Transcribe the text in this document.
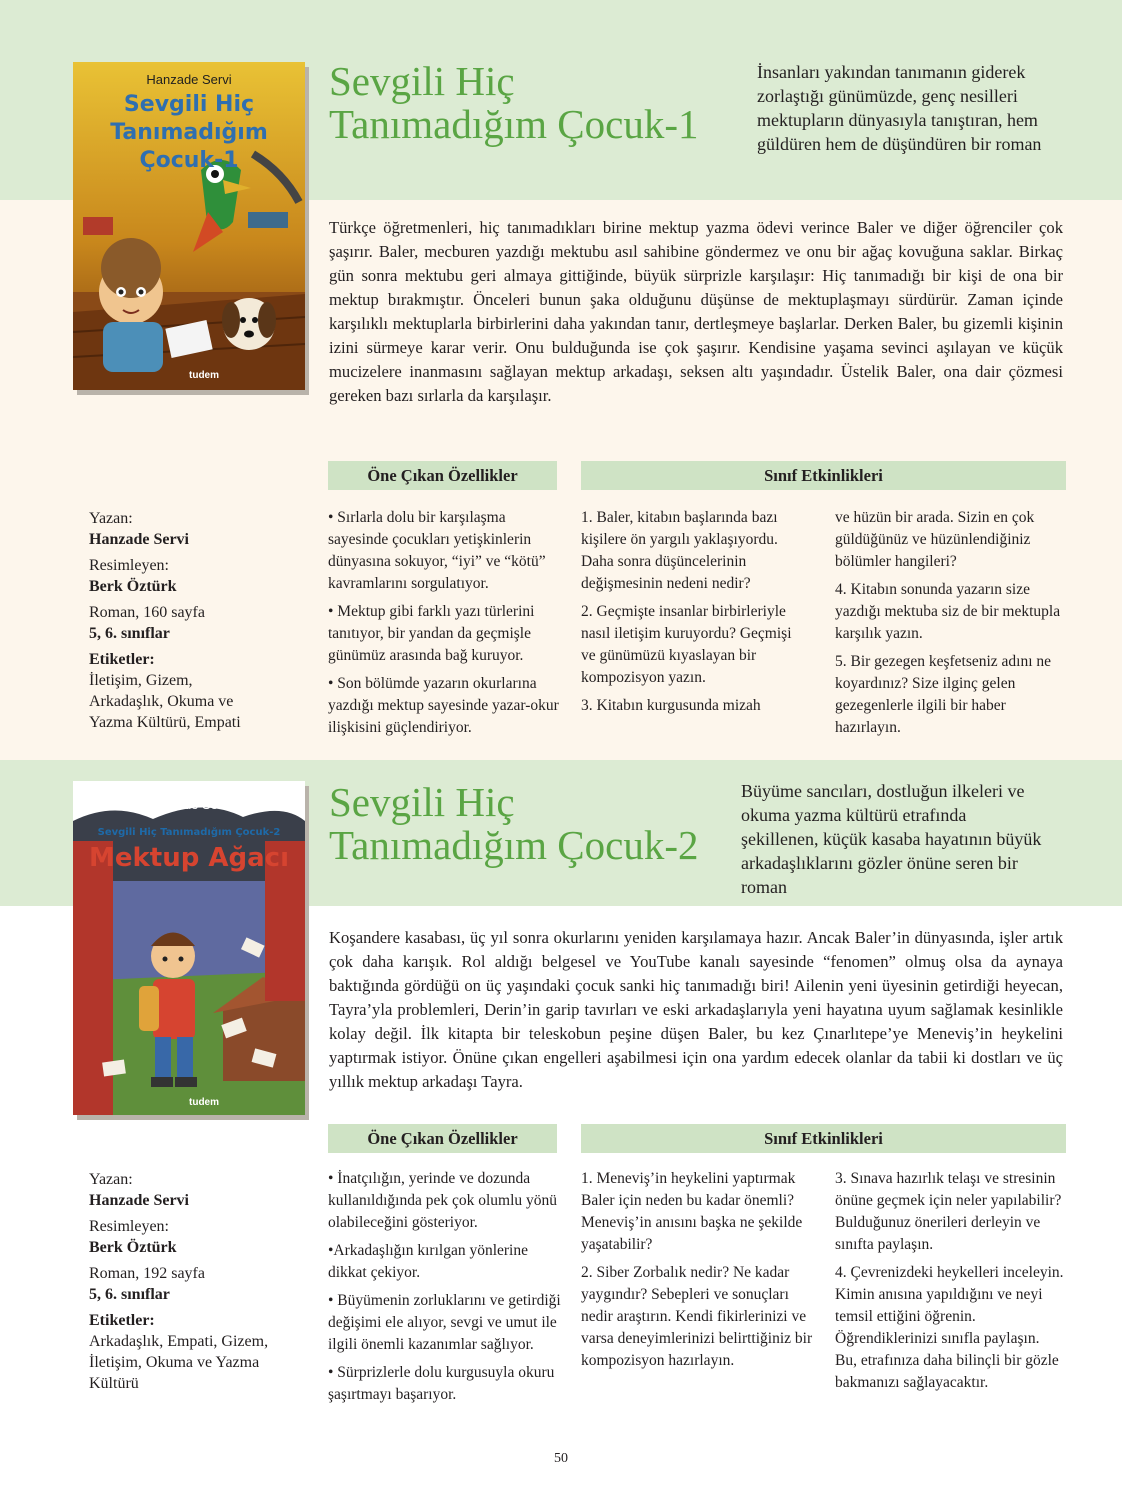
Hanzade Servi
Sevgili Hiç
Tanımadığım
Çocuk-1
tudem
Sevgili Hiç
Tanımadığım Çocuk-1
İnsanları yakından tanımanın giderek zorlaştığı günümüzde, genç nesilleri mektupların dünyasıyla tanıştıran, hem güldüren hem de düşündüren bir roman
Türkçe öğretmenleri, hiç tanımadıkları birine mektup yazma ödevi verince Baler ve diğer öğrenciler çok şaşırır. Baler, mecburen yazdığı mektubu asıl sahibine göndermez ve onu bir ağaç kovuğuna saklar. Birkaç gün sonra mektubu geri almaya gittiğinde, büyük sürprizle karşılaşır: Hiç tanımadığı bir kişi de ona bir mektup bırakmıştır. Önceleri bunun şaka olduğunu düşünse de mektuplaşmayı sürdürür. Zaman içinde karşılıklı mektuplarla birbirlerini daha yakından tanır, dertleşmeye başlarlar. Derken Baler, bu gizemli kişinin izini sürmeye karar verir. Onu bulduğunda ise çok şaşırır. Kendisine yaşama sevinci aşılayan ve küçük mucizelere inanmasını sağlayan mektup arkadaşı, seksen altı yaşındadır. Üstelik Baler, ona dair çözmesi gereken bazı sırlarla da karşılaşır.
Öne Çıkan Özellikler	Sınıf Etkinlikleri

• Sırlarla dolu bir karşılaşma sayesinde çocukları yetişkinlerin dünyasına sokuyor, “iyi” ve “kötü” kavramlarını sorgulatıyor.

• Mektup gibi farklı yazı türlerini tanıtıyor, bir yandan da geçmişle günümüz arasında bağ kuruyor.

• Son bölümde yazarın okurlarına yazdığı mektup sayesinde yazar-okur ilişkisini güçlendiriyor.

1. Baler, kitabın başlarında bazı kişilere ön yargılı yaklaşıyordu. Daha sonra düşüncelerinin değişmesinin nedeni nedir?

2. Geçmişte insanlar birbirleriyle nasıl iletişim kuruyordu? Geçmişi ve günümüzü kıyaslayan bir kompozisyon yazın.

3. Kitabın kurgusunda mizah

ve hüzün bir arada. Sizin en çok güldüğünüz ve hüzünlendiğiniz bölümler hangileri?

4. Kitabın sonunda yazarın size yazdığı mektuba siz de bir mektupla karşılık yazın.

5. Bir gezegen keşfetseniz adını ne koyardınız? Size ilginç gelen gezegenlerle ilgili bir haber hazırlayın.

Yazan:
Hanzade Servi
Resimleyen:
Berk Öztürk
Roman, 160 sayfa
5, 6. sınıflar
Etiketler:
İletişim, Gizem, Arkadaşlık, Okuma ve Yazma Kültürü, Empati
Hanzade Servi
Sevgili Hiç Tanımadığım Çocuk-2
Mektup Ağacı
tudem
Sevgili Hiç
Tanımadığım Çocuk-2
Büyüme sancıları, dostluğun ilkeleri ve okuma yazma kültürü etrafında şekillenen, küçük kasaba hayatının büyük arkadaşlıklarını gözler önüne seren bir roman
Koşandere kasabası, üç yıl sonra okurlarını yeniden karşılamaya hazır. Ancak Baler’in dünyasında, işler artık çok daha karışık. Rol aldığı belgesel ve YouTube kanalı sayesinde “fenomen” olmuş olsa da aynaya baktığında gördüğü on üç yaşındaki çocuk sanki hiç tanımadığı biri! Ailenin yeni üyesinin getirdiği heyecan, Tayra’yla problemleri, Derin’in garip tavırları ve eski arkadaşlarıyla yeni hayatına uyum sağlamak kesinlikle kolay değil. İlk kitapta bir teleskobun peşine düşen Baler, bu kez Çınarlıtepe’ye Meneviş’in heykelini yaptırmak istiyor. Önüne çıkan engelleri aşabilmesi için ona yardım edecek olanlar da tabii ki dostları ve üç yıllık mektup arkadaşı Tayra.
Öne Çıkan Özellikler	Sınıf Etkinlikleri

• İnatçılığın, yerinde ve dozunda kullanıldığında pek çok olumlu yönü olabileceğini gösteriyor.

•Arkadaşlığın kırılgan yönlerine dikkat çekiyor.

• Büyümenin zorluklarını ve getirdiği değişimi ele alıyor, sevgi ve umut ile ilgili önemli kazanımlar sağlıyor.

• Sürprizlerle dolu kurgusuyla okuru şaşırtmayı başarıyor.

1. Meneviş’in heykelini yaptırmak Baler için neden bu kadar önemli? Meneviş’in anısını başka ne şekilde yaşatabilir?

2. Siber Zorbalık nedir? Ne kadar yaygındır? Sebepleri ve sonuçları nedir araştırın. Kendi fikirlerinizi ve varsa deneyimlerinizi belirttiğiniz bir kompozisyon hazırlayın.

3. Sınava hazırlık telaşı ve stresinin önüne geçmek için neler yapılabilir? Bulduğunuz önerileri derleyin ve sınıfta paylaşın.

4. Çevrenizdeki heykelleri inceleyin. Kimin anısına yapıldığını ve neyi temsil ettiğini öğrenin. Öğrendiklerinizi sınıfla paylaşın. Bu, etrafınıza daha bilinçli bir gözle bakmanızı sağlayacaktır.

Yazan:
Hanzade Servi
Resimleyen:
Berk Öztürk
Roman, 192 sayfa
5, 6. sınıflar
Etiketler:
Arkadaşlık, Empati, Gizem, İletişim, Okuma ve Yazma Kültürü
50
